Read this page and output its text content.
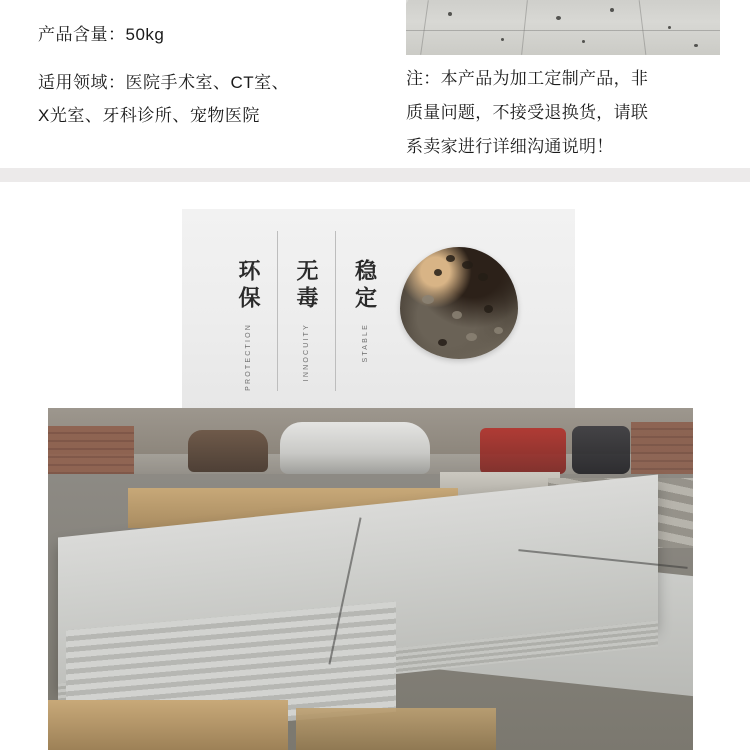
产品含量：50kg
适用领域：医院手术室、CT室、
X光室、牙科诊所、宠物医院
注：本产品为加工定制产品，非
质量问题，不接受退换货，请联
系卖家进行详细沟通说明！
稳定
STABLE
无毒
INNOCUITY
环保
PROTECTION
